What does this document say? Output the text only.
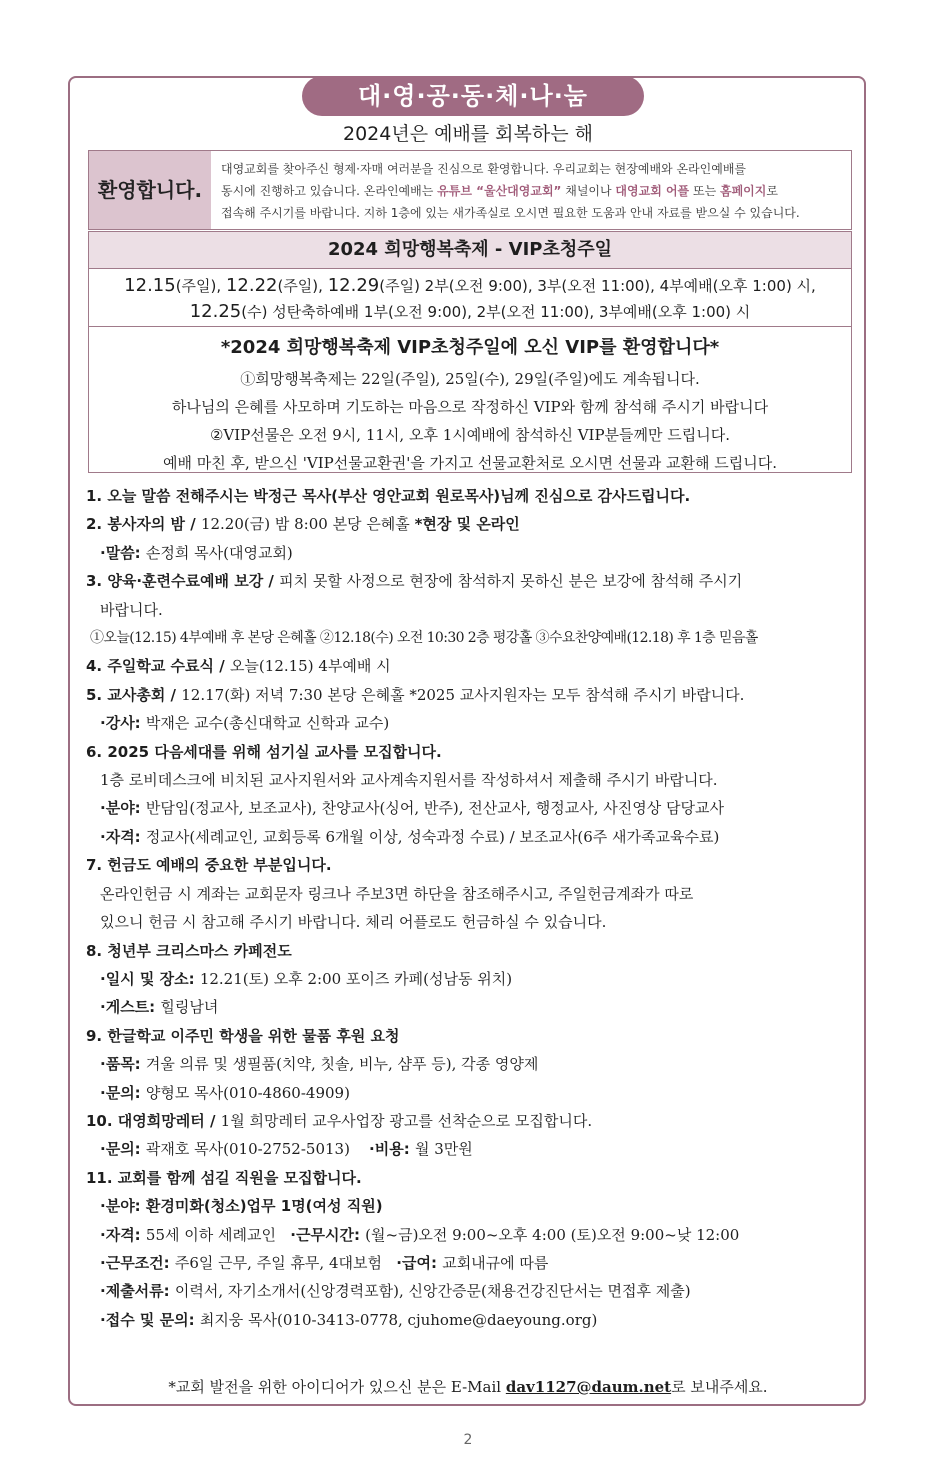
대·영·공·동·체·나·눔
2024년은 예배를 회복하는 해
환영합니다.
대영교회를 찾아주신 형제·자매 여러분을 진심으로 환영합니다. 우리교회는 현장예배와 온라인예배를
동시에 진행하고 있습니다. 온라인예배는 유튜브 “울산대영교회” 채널이나 대영교회 어플 또는 홈페이지로
접속해 주시기를 바랍니다. 지하 1층에 있는 새가족실로 오시면 필요한 도움과 안내 자료를 받으실 수 있습니다.
2024 희망행복축제 - VIP초청주일
12.15(주일), 12.22(주일), 12.29(주일) 2부(오전 9:00), 3부(오전 11:00), 4부예배(오후 1:00) 시,
12.25(수) 성탄축하예배 1부(오전 9:00), 2부(오전 11:00), 3부예배(오후 1:00) 시
*2024 희망행복축제 VIP초청주일에 오신 VIP를 환영합니다*
①희망행복축제는 22일(주일), 25일(수), 29일(주일)에도 계속됩니다.
하나님의 은혜를 사모하며 기도하는 마음으로 작정하신 VIP와 함께 참석해 주시기 바랍니다
②VIP선물은 오전 9시, 11시, 오후 1시예배에 참석하신 VIP분들께만 드립니다.
예배 마친 후, 받으신 'VIP선물교환권'을 가지고 선물교환처로 오시면 선물과 교환해 드립니다.
1. 오늘 말씀 전해주시는 박정근 목사(부산 영안교회 원로목사)님께 진심으로 감사드립니다.
2. 봉사자의 밤 / 12.20(금) 밤 8:00 본당 은혜홀 *현장 및 온라인
·말씀: 손정희 목사(대영교회)
3. 양육·훈련수료예배 보강 / 피치 못할 사정으로 현장에 참석하지 못하신 분은 보강에 참석해 주시기
바랍니다.
①오늘(12.15) 4부예배 후 본당 은혜홀 ②12.18(수) 오전 10:30 2층 평강홀 ③수요찬양예배(12.18) 후 1층 믿음홀
4. 주일학교 수료식 / 오늘(12.15) 4부예배 시
5. 교사총회 / 12.17(화) 저녁 7:30 본당 은혜홀 *2025 교사지원자는 모두 참석해 주시기 바랍니다.
·강사: 박재은 교수(총신대학교 신학과 교수)
6. 2025 다음세대를 위해 섬기실 교사를 모집합니다.
1층 로비데스크에 비치된 교사지원서와 교사계속지원서를 작성하셔서 제출해 주시기 바랍니다.
·분야: 반담임(정교사, 보조교사), 찬양교사(싱어, 반주), 전산교사, 행정교사, 사진영상 담당교사
·자격: 정교사(세례교인, 교회등록 6개월 이상, 성숙과정 수료) / 보조교사(6주 새가족교육수료)
7. 헌금도 예배의 중요한 부분입니다.
온라인헌금 시 계좌는 교회문자 링크나 주보3면 하단을 참조해주시고, 주일헌금계좌가 따로
있으니 헌금 시 참고해 주시기 바랍니다. 체리 어플로도 헌금하실 수 있습니다.
8. 청년부 크리스마스 카페전도
·일시 및 장소: 12.21(토) 오후 2:00 포이즈 카페(성남동 위치)
·게스트: 힐링남녀
9. 한글학교 이주민 학생을 위한 물품 후원 요청
·품목: 겨울 의류 및 생필품(치약, 칫솔, 비누, 샴푸 등), 각종 영양제
·문의: 양형모 목사(010-4860-4909)
10. 대영희망레터 / 1월 희망레터 교우사업장 광고를 선착순으로 모집합니다.
·문의: 곽재호 목사(010-2752-5013) ·비용: 월 3만원
11. 교회를 함께 섬길 직원을 모집합니다.
·분야: 환경미화(청소)업무 1명(여성 직원)
·자격: 55세 이하 세례교인 ·근무시간: (월~금)오전 9:00~오후 4:00 (토)오전 9:00~낮 12:00
·근무조건: 주6일 근무, 주일 휴무, 4대보험 ·급여: 교회내규에 따름
·제출서류: 이력서, 자기소개서(신앙경력포함), 신앙간증문(채용건강진단서는 면접후 제출)
·접수 및 문의: 최지웅 목사(010-3413-0778, cjuhome@daeyoung.org)
*교회 발전을 위한 아이디어가 있으신 분은 E-Mail dav1127@daum.net로 보내주세요.
2
